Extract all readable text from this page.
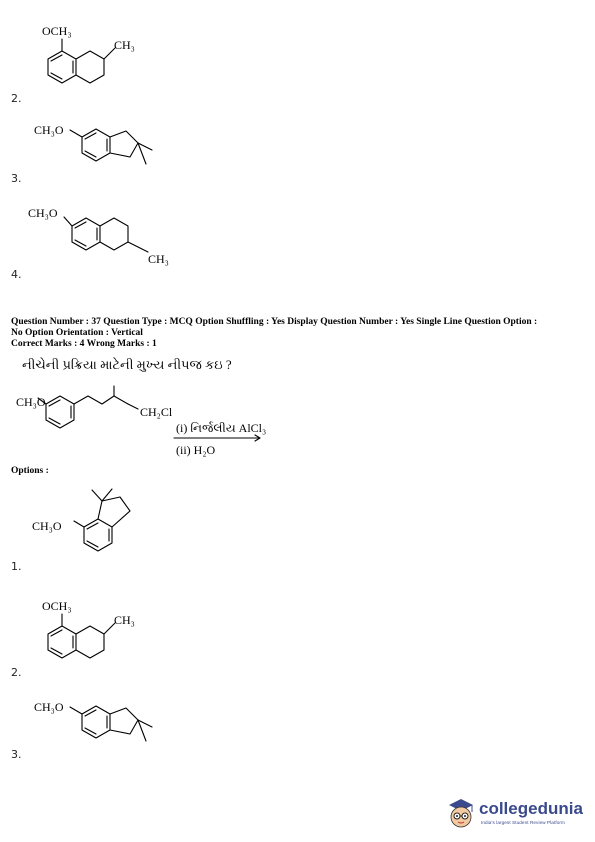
OCH₃
CH₃
2.
CH₃O
3.
CH₃O
CH₃
4.
Question Number : 37 Question Type : MCQ Option Shuffling : Yes Display Question Number : Yes Single Line Question Option :
No Option Orientation : Vertical
Correct Marks : 4 Wrong Marks : 1
નીચેની પ્રક્રિયા માટેની મુખ્ય નીપજ કઇ ?
CH₃O
CH₂Cl
(i) નિર્જલીય AlCl₃
(ii) H₂O
Options :
CH₃O
1.
OCH₃
CH₃
2.
CH₃O
3.
collegedunia
India's largest Student Review Platform
